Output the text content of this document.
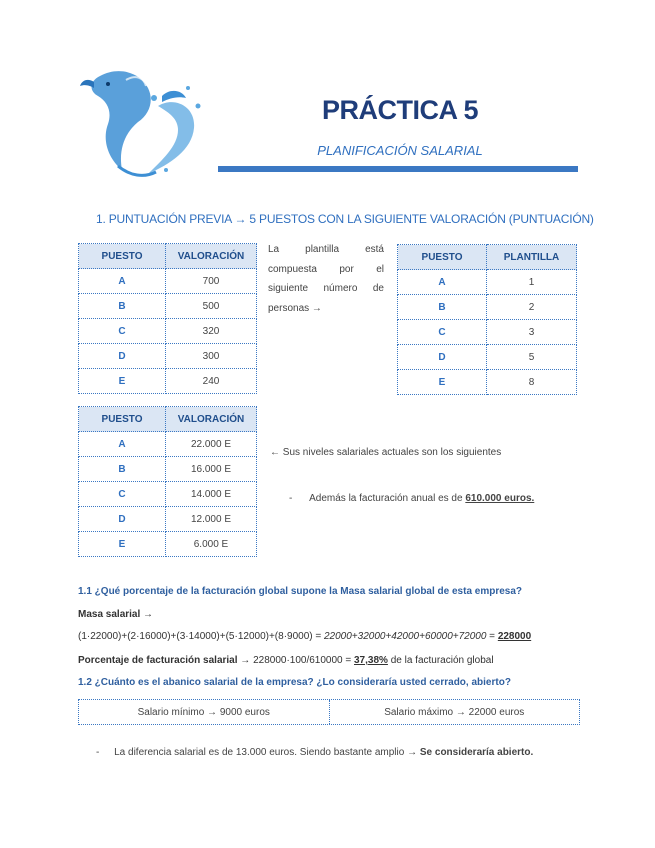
PRÁCTICA 5
PLANIFICACIÓN SALARIAL
1. PUNTUACIÓN PREVIA → 5 PUESTOS CON LA SIGUIENTE VALORACIÓN (PUNTUACIÓN)
PUESTO	VALORACIÓN
A	700
B	500
C	320
D	300
E	240
La plantilla está compuesta por el siguiente número de personas →
PUESTO	PLANTILLA
A	1
B	2
C	3
D	5
E	8
PUESTO	VALORACIÓN
A	22.000 E
B	16.000 E
C	14.000 E
D	12.000 E
E	6.000 E
← Sus niveles salariales actuales son los siguientes
- Además la facturación anual es de 610.000 euros.
1.1 ¿Qué porcentaje de la facturación global supone la Masa salarial global de esta empresa?
Masa salarial →
(1·22000)+(2·16000)+(3·14000)+(5·12000)+(8·9000) = 22000+32000+42000+60000+72000 = 228000
Porcentaje de facturación salarial → 228000·100/610000 = 37,38% de la facturación global
1.2 ¿Cuánto es el abanico salarial de la empresa? ¿Lo consideraría usted cerrado, abierto?
Salario mínimo → 9000 euros	Salario máximo → 22000 euros
- La diferencia salarial es de 13.000 euros. Siendo bastante amplio → Se consideraría abierto.
